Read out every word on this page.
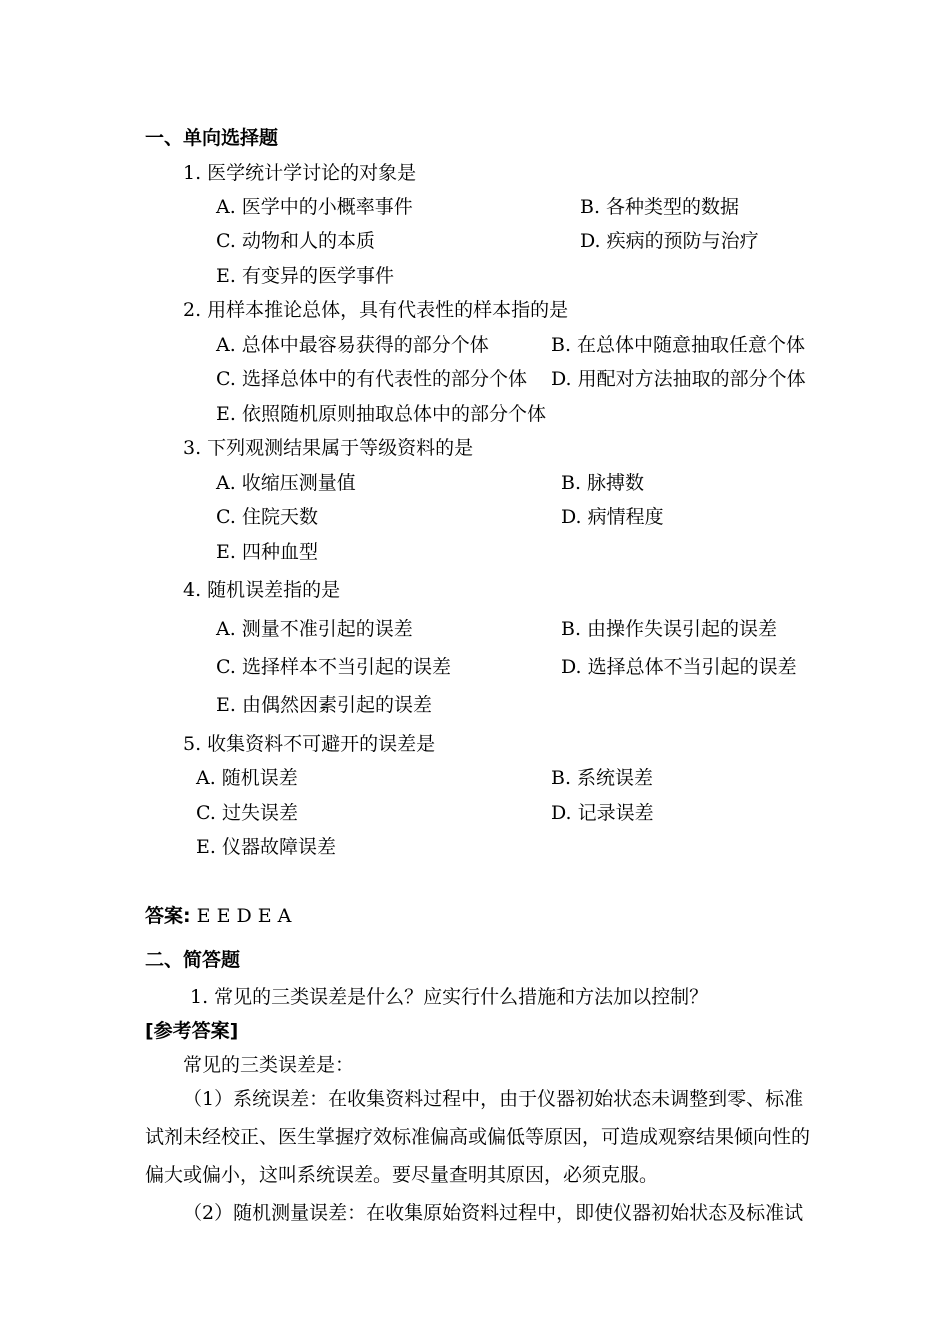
一、单向选择题
1. 医学统计学讨论的对象是
A. 医学中的小概率事件	B. 各种类型的数据
C. 动物和人的本质	D. 疾病的预防与治疗
E. 有变异的医学事件
2. 用样本推论总体，具有代表性的样本指的是
A. 总体中最容易获得的部分个体	B. 在总体中随意抽取任意个体
C. 选择总体中的有代表性的部分个体 D. 用配对方法抽取的部分个体
E. 依照随机原则抽取总体中的部分个体
3. 下列观测结果属于等级资料的是
A. 收缩压测量值	B. 脉搏数
C. 住院天数	D. 病情程度
E. 四种血型
4. 随机误差指的是
A. 测量不准引起的误差	B. 由操作失误引起的误差
C. 选择样本不当引起的误差	D. 选择总体不当引起的误差
E. 由偶然因素引起的误差
5. 收集资料不可避开的误差是
A. 随机误差	B. 系统误差
C. 过失误差	D. 记录误差
E. 仪器故障误差
答案: E E D E A
二、简答题
1. 常见的三类误差是什么？应实行什么措施和方法加以控制？
[参考答案]
常见的三类误差是：
（1）系统误差：在收集资料过程中，由于仪器初始状态未调整到零、标准试剂未经校正、医生掌握疗效标准偏高或偏低等原因，可造成观察结果倾向性的偏大或偏小，这叫系统误差。要尽量查明其原因，必须克服。
（2）随机测量误差：在收集原始资料过程中，即使仪器初始状态及标准试
